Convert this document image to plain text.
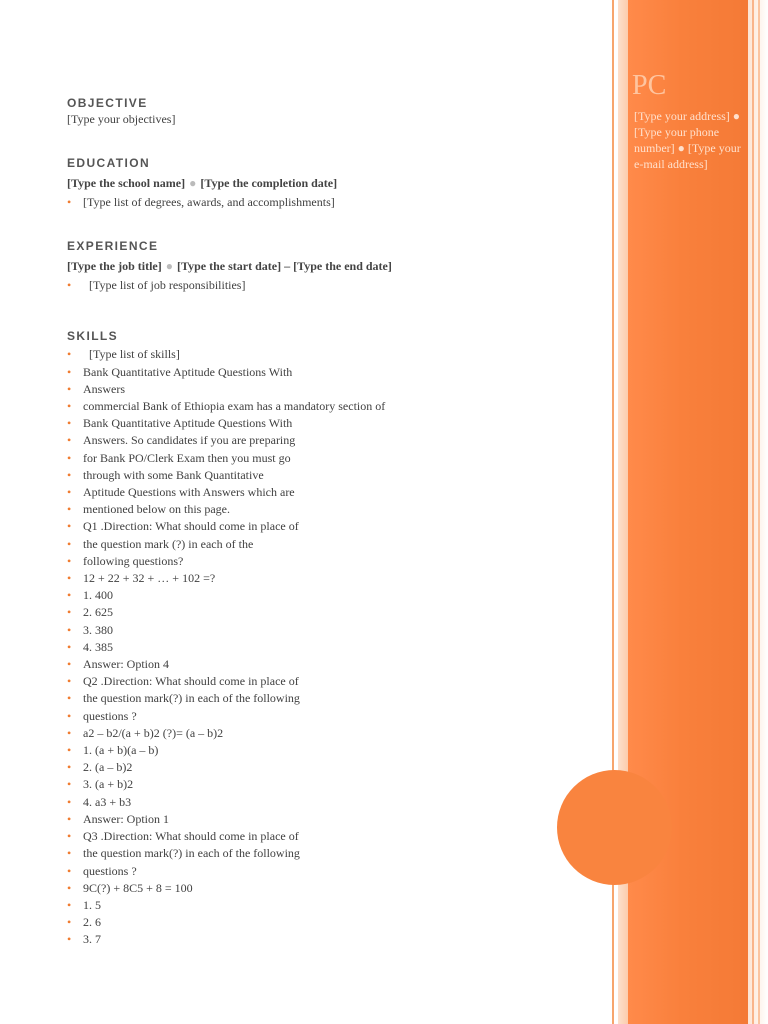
PC
[Type your address] ● [Type your phone number] ● [Type your e-mail address]
OBJECTIVE

[Type your objectives]

EDUCATION

[Type the school name] ● [Type the completion date]

• [Type list of degrees, awards, and accomplishments]
EXPERIENCE

[Type the job title] ● [Type the start date] – [Type the end date]

• [Type list of job responsibilities]
SKILLS
• [Type list of skills]
• Bank Quantitative Aptitude Questions With
• Answers
• commercial Bank of Ethiopia exam has a mandatory section of
• Bank Quantitative Aptitude Questions With
• Answers. So candidates if you are preparing
• for Bank PO/Clerk Exam then you must go
• through with some Bank Quantitative
• Aptitude Questions with Answers which are
• mentioned below on this page.
• Q1 .Direction: What should come in place of
• the question mark (?) in each of the
• following questions?
• 12 + 22 + 32 + … + 102 =?
• 1. 400
• 2. 625
• 3. 380
• 4. 385
• Answer: Option 4
• Q2 .Direction: What should come in place of
• the question mark(?) in each of the following
• questions ?
• a2 – b2/(a + b)2 (?)= (a – b)2
• 1. (a + b)(a – b)
• 2. (a – b)2
• 3. (a + b)2
• 4. a3 + b3
• Answer: Option 1
• Q3 .Direction: What should come in place of
• the question mark(?) in each of the following
• questions ?
• 9C(?) + 8C5 + 8 = 100
• 1. 5
• 2. 6
• 3. 7
